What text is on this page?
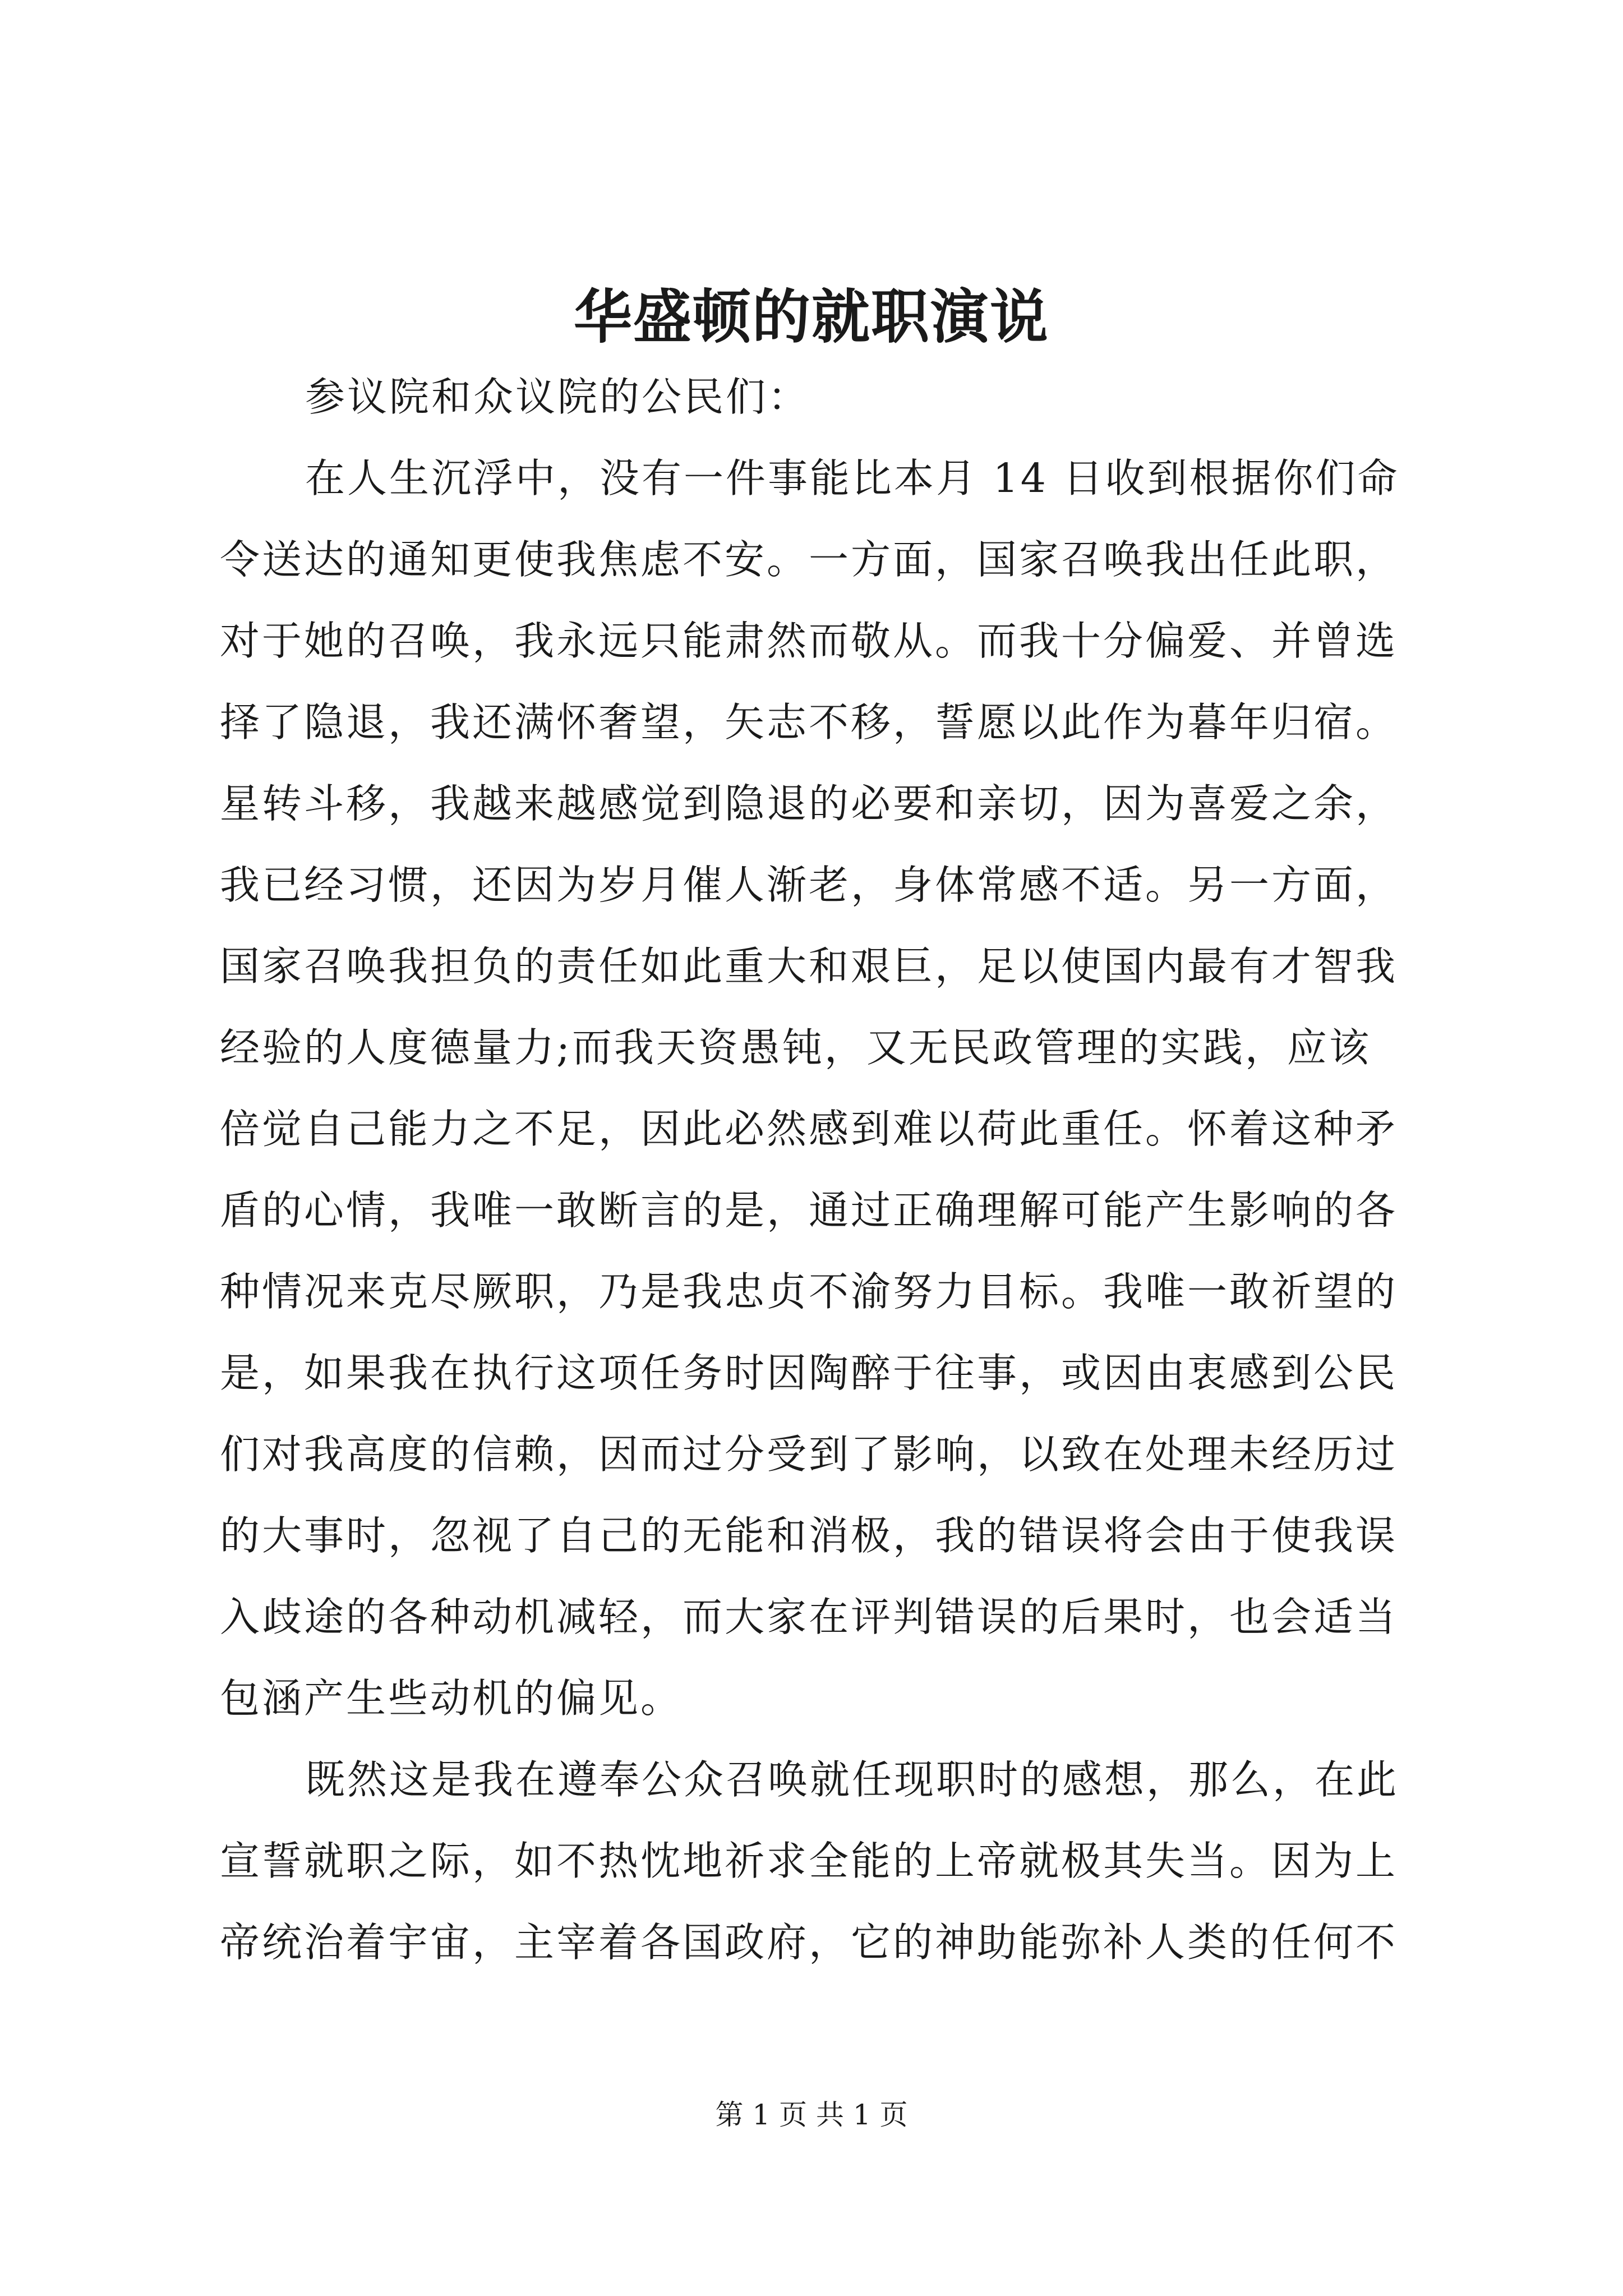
华盛顿的就职演说
参议院和众议院的公民们：
在人生沉浮中，没有一件事能比本月 14 日收到根据你们命
令送达的通知更使我焦虑不安。一方面，国家召唤我出任此职，
对于她的召唤，我永远只能肃然而敬从。而我十分偏爱、并曾选
择了隐退，我还满怀奢望，矢志不移，誓愿以此作为暮年归宿。
星转斗移，我越来越感觉到隐退的必要和亲切，因为喜爱之余，
我已经习惯，还因为岁月催人渐老，身体常感不适。另一方面，
国家召唤我担负的责任如此重大和艰巨，足以使国内最有才智我
经验的人度德量力;而我天资愚钝，又无民政管理的实践，应该
倍觉自己能力之不足，因此必然感到难以荷此重任。怀着这种矛
盾的心情，我唯一敢断言的是，通过正确理解可能产生影响的各
种情况来克尽厥职，乃是我忠贞不渝努力目标。我唯一敢祈望的
是，如果我在执行这项任务时因陶醉于往事，或因由衷感到公民
们对我高度的信赖，因而过分受到了影响，以致在处理未经历过
的大事时，忽视了自己的无能和消极，我的错误将会由于使我误
入歧途的各种动机减轻，而大家在评判错误的后果时，也会适当
包涵产生些动机的偏见。
既然这是我在遵奉公众召唤就任现职时的感想，那么，在此
宣誓就职之际，如不热忱地祈求全能的上帝就极其失当。因为上
帝统治着宇宙，主宰着各国政府，它的神助能弥补人类的任何不
第 1 页 共 1 页
